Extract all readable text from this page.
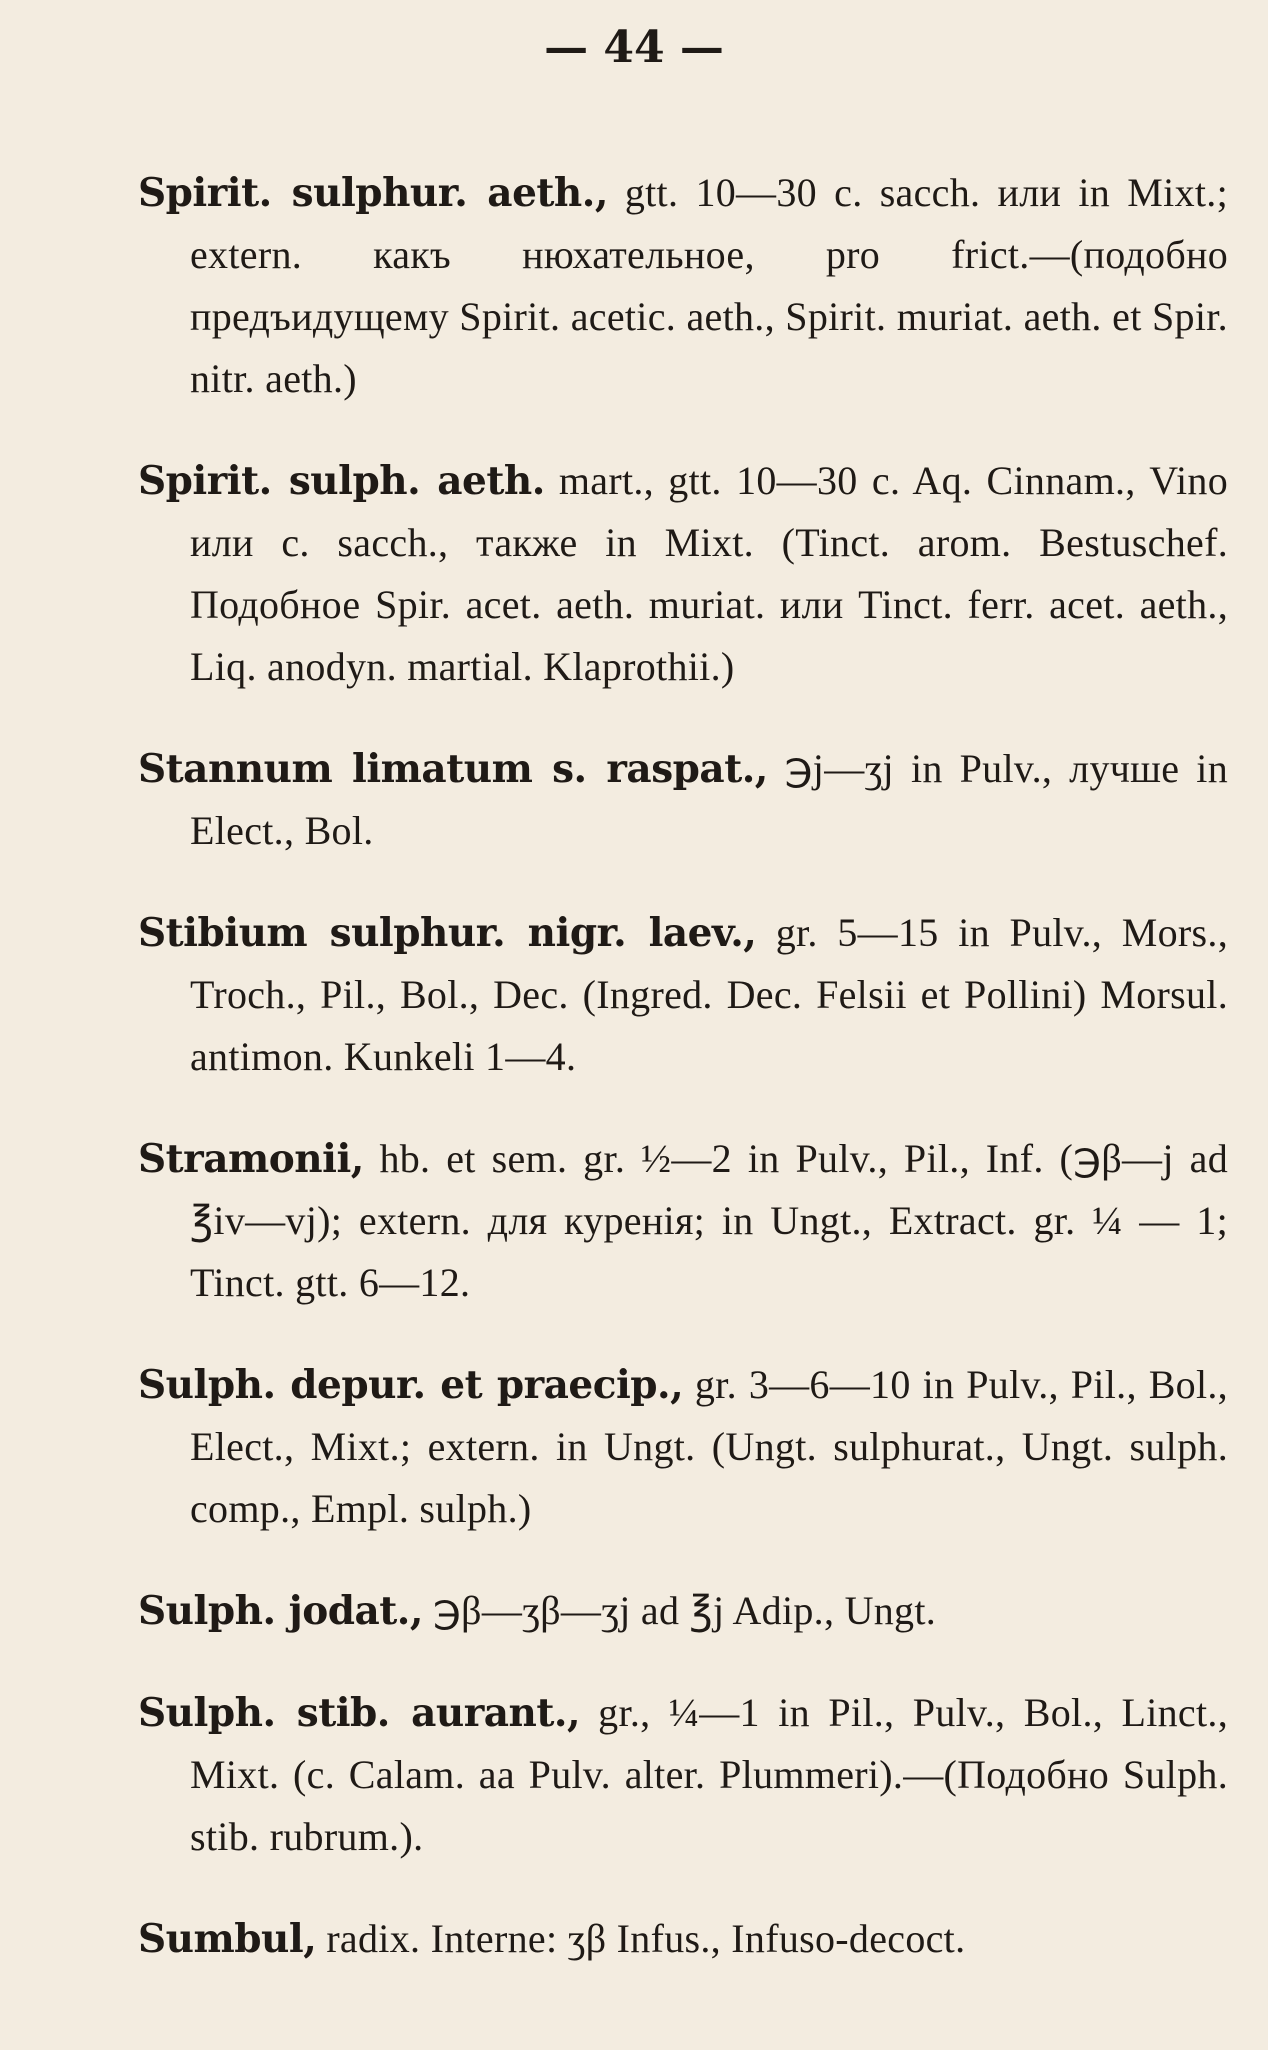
— 44 —

Spirit. sulphur. aeth., gtt. 10—30 c. sacch. или in Mixt.; extern. какъ нюхательное, pro frict.—(подобно предъидущему Spirit. acetic. aeth., Spirit. muriat. aeth. et Spir. nitr. aeth.)

Spirit. sulph. aeth. mart., gtt. 10—30 c. Aq. Cinnam., Vino или c. sacch., также in Mixt. (Tinct. arom. Bestuschef. Подобное Spir. acet. aeth. muriat. или Tinct. ferr. acet. aeth., Liq. anodyn. martial. Klaprothii.)

Stannum limatum s. raspat., ℈j—ʒj in Pulv., лучше in Elect., Bol.

Stibium sulphur. nigr. laev., gr. 5—15 in Pulv., Mors., Troch., Pil., Bol., Dec. (Ingred. Dec. Felsii et Pollini) Morsul. antimon. Kunkeli 1—4.

Stramonii, hb. et sem. gr. ½—2 in Pulv., Pil., Inf. (℈β—j ad ℥iv—vj); extern. для куренія; in Ungt., Extract. gr. ¼ — 1; Tinct. gtt. 6—12.

Sulph. depur. et praecip., gr. 3—6—10 in Pulv., Pil., Bol., Elect., Mixt.; extern. in Ungt. (Ungt. sulphurat., Ungt. sulph. comp., Empl. sulph.)

Sulph. jodat., ℈β—ʒβ—ʒj ad ℥j Adip., Ungt.

Sulph. stib. aurant., gr., ¼—1 in Pil., Pulv., Bol., Linct., Mixt. (c. Calam. aa Pulv. alter. Plummeri).—(Подобно Sulph. stib. rubrum.).

Sumbul, radix. Interne: ʒβ Infus., Infuso-decoct.
